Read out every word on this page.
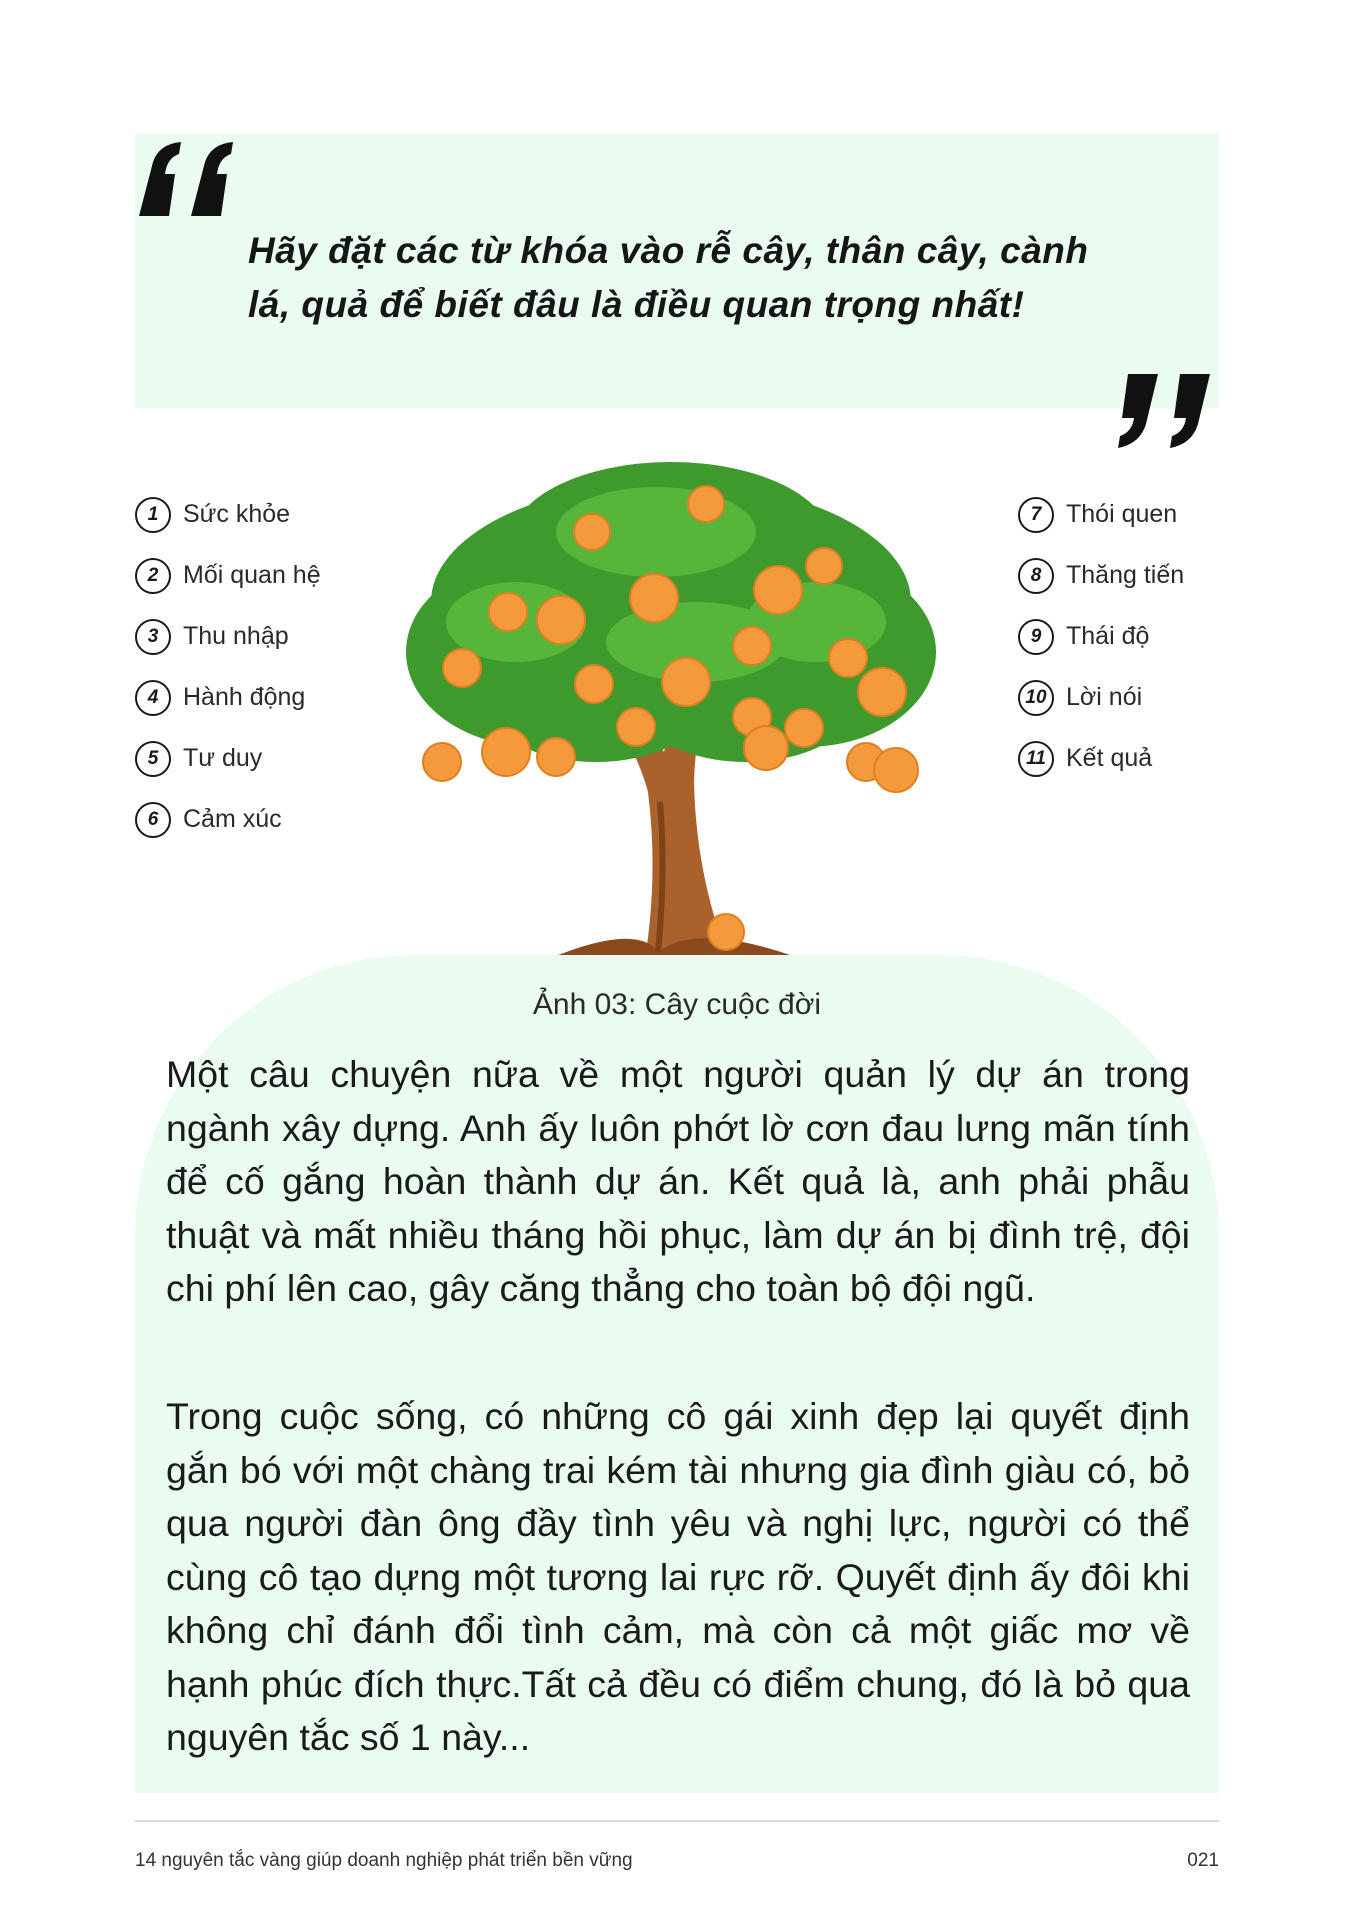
Hãy đặt các từ khóa vào rễ cây, thân cây, cành lá, quả để biết đâu là điều quan trọng nhất!

1 Sức khỏe
2 Mối quan hệ
3 Thu nhập
4 Hành động
5 Tư duy
6 Cảm xúc
7 Thói quen
8 Thăng tiến
9 Thái độ
10 Lời nói
11 Kết quả

Ảnh 03: Cây cuộc đời

Một câu chuyện nữa về một người quản lý dự án trong ngành xây dựng. Anh ấy luôn phớt lờ cơn đau lưng mãn tính để cố gắng hoàn thành dự án. Kết quả là, anh phải phẫu thuật và mất nhiều tháng hồi phục, làm dự án bị đình trệ, đội chi phí lên cao, gây căng thẳng cho toàn bộ đội ngũ.

Trong cuộc sống, có những cô gái xinh đẹp lại quyết định gắn bó với một chàng trai kém tài nhưng gia đình giàu có, bỏ qua người đàn ông đầy tình yêu và nghị lực, người có thể cùng cô tạo dựng một tương lai rực rỡ. Quyết định ấy đôi khi không chỉ đánh đổi tình cảm, mà còn cả một giấc mơ về hạnh phúc đích thực.Tất cả đều có điểm chung, đó là bỏ qua nguyên tắc số 1 này...

14 nguyên tắc vàng giúp doanh nghiệp phát triển bền vững	021
